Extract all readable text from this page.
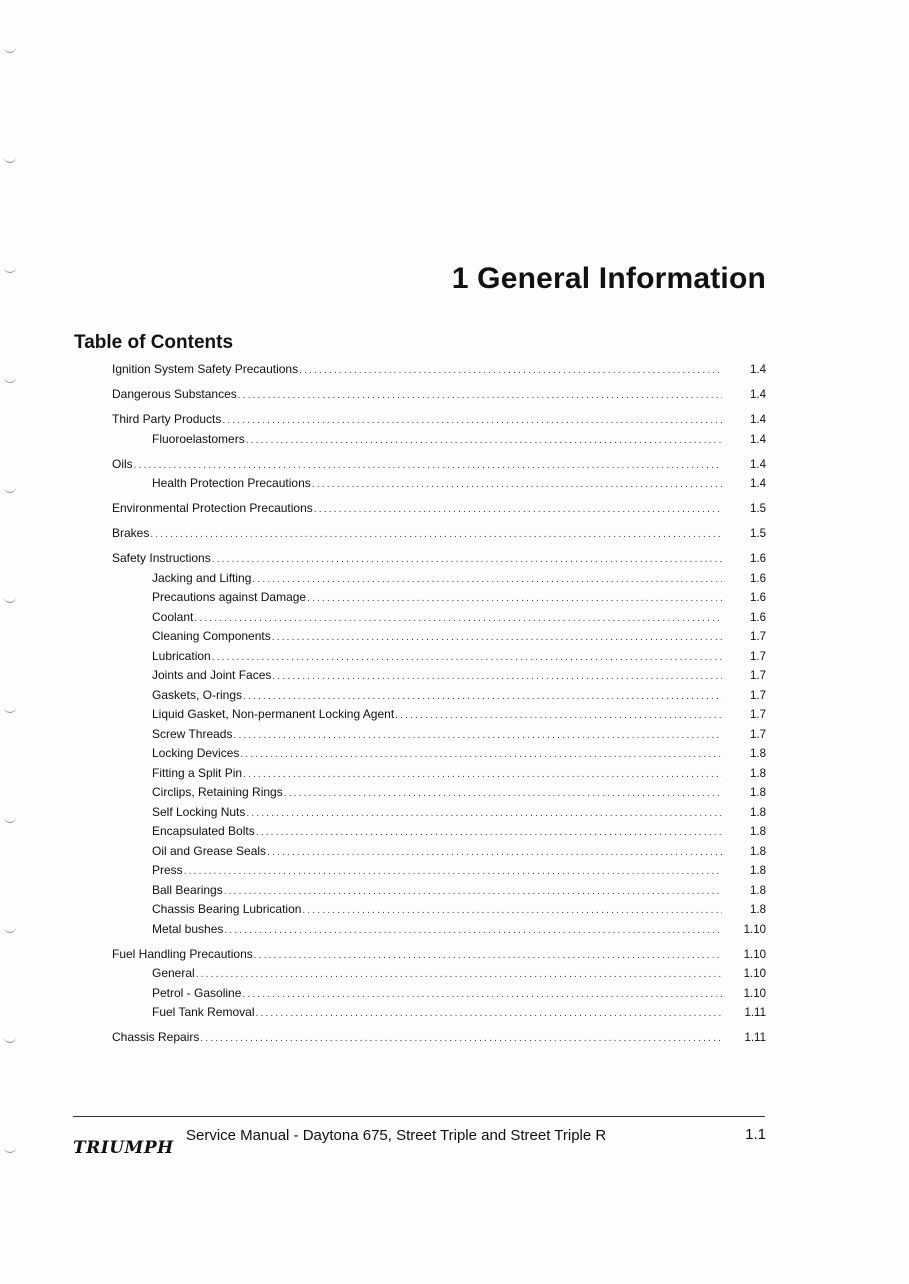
1 General Information
Table of Contents
Ignition System Safety Precautions .....	1.4
Dangerous Substances .....	1.4
Third Party Products .....	1.4
Fluoroelastomers .....	1.4
Oils .....	1.4
Health Protection Precautions .....	1.4
Environmental Protection Precautions .....	1.5
Brakes .....	1.5
Safety Instructions .....	1.6
Jacking and Lifting .....	1.6
Precautions against Damage .....	1.6
Coolant .....	1.6
Cleaning Components .....	1.7
Lubrication .....	1.7
Joints and Joint Faces .....	1.7
Gaskets, O-rings .....	1.7
Liquid Gasket, Non-permanent Locking Agent .....	1.7
Screw Threads .....	1.7
Locking Devices .....	1.8
Fitting a Split Pin .....	1.8
Circlips, Retaining Rings .....	1.8
Self Locking Nuts .....	1.8
Encapsulated Bolts .....	1.8
Oil and Grease Seals .....	1.8
Press .....	1.8
Ball Bearings .....	1.8
Chassis Bearing Lubrication .....	1.8
Metal bushes .....	1.10
Fuel Handling Precautions .....	1.10
General .....	1.10
Petrol - Gasoline .....	1.10
Fuel Tank Removal .....	1.11
Chassis Repairs .....	1.11
TRIUMPH
Service Manual - Daytona 675, Street Triple and Street Triple R	1.1
